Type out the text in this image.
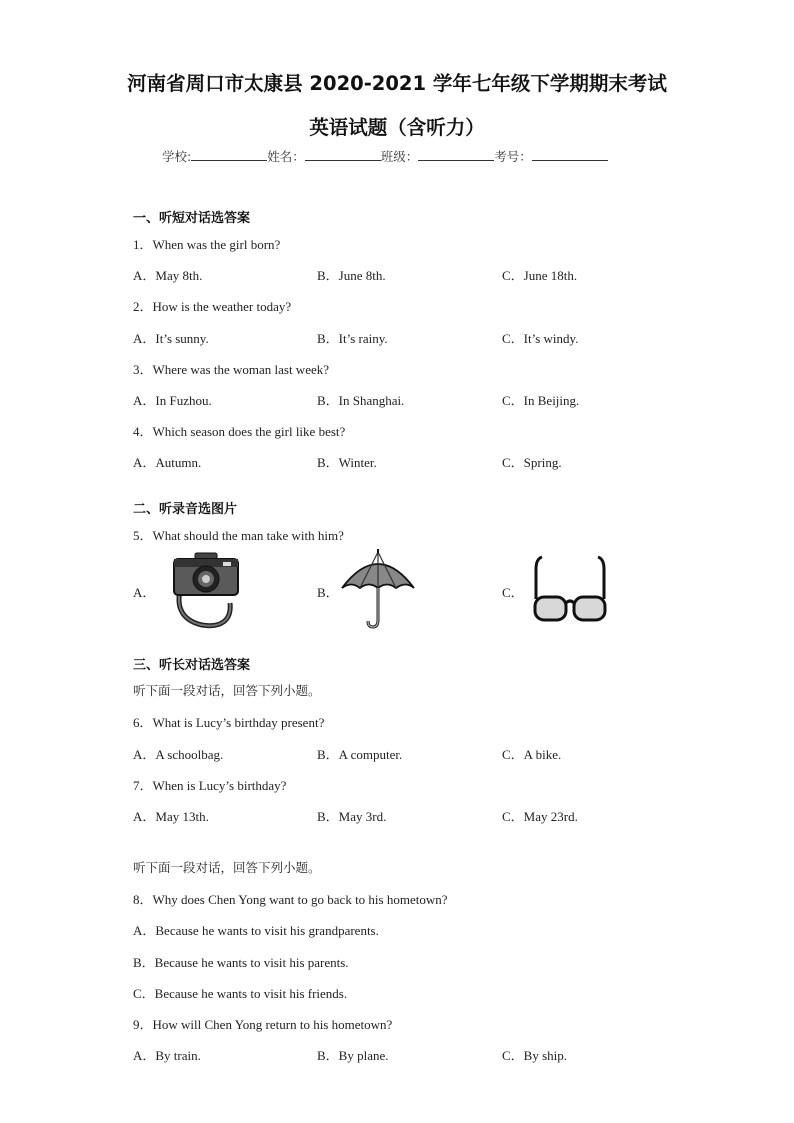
河南省周口市太康县 2020-2021 学年七年级下学期期末考试
英语试题（含听力）
学校:	姓名：	班级：	考号：
一、听短对话选答案
1．When was the girl born?
A．May 8th.	B．June 8th.	C．June 18th.
2．How is the weather today?
A．It’s sunny.	B．It’s rainy.	C．It’s windy.
3．Where was the woman last week?
A．In Fuzhou.	B．In Shanghai.	C．In Beijing.
4．Which season does the girl like best?
A．Autumn.	B．Winter.	C．Spring.
二、听录音选图片
5．What should the man take with him?
A．	B．	C．
三、听长对话选答案
听下面一段对话，回答下列小题。
6．What is Lucy’s birthday present?
A．A schoolbag.	B．A computer.	C．A bike.
7．When is Lucy’s birthday?
A．May 13th.	B．May 3rd.	C．May 23rd.
听下面一段对话，回答下列小题。
8．Why does Chen Yong want to go back to his hometown?
A．Because he wants to visit his grandparents.
B．Because he wants to visit his parents.
C．Because he wants to visit his friends.
9．How will Chen Yong return to his hometown?
A．By train.	B．By plane.	C．By ship.
